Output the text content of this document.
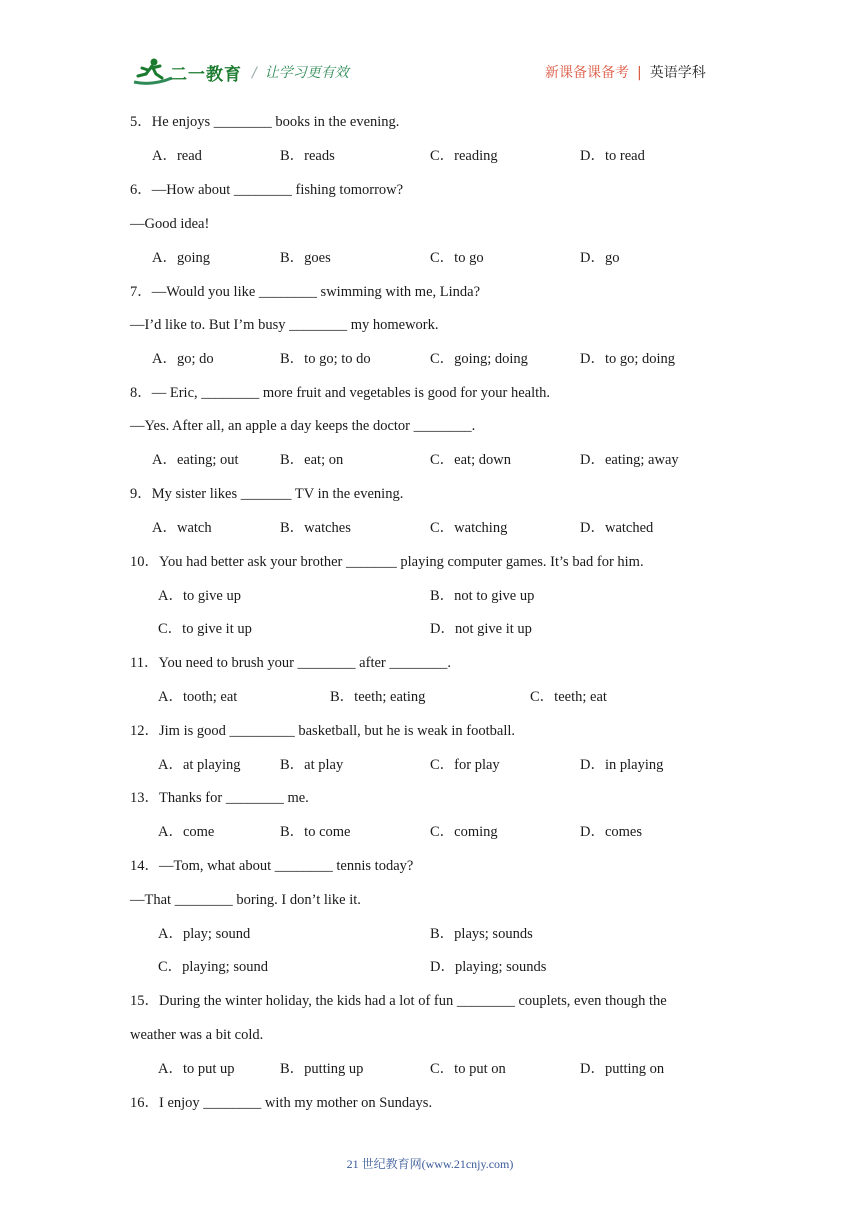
二一教育 / 让学习更有效	新课备课备考 | 英语学科
5．He enjoys ________ books in the evening.
A．read	B．reads	C．reading	D．to read
6．—How about ________ fishing tomorrow?
—Good idea!
A．going	B．goes	C．to go	D．go
7．—Would you like ________ swimming with me, Linda?
—I’d like to. But I’m busy ________ my homework.
A．go; do	B．to go; to do	C．going; doing	D．to go; doing
8．— Eric, ________ more fruit and vegetables is good for your health.
—Yes. After all, an apple a day keeps the doctor ________.
A．eating; out	B．eat; on	C．eat; down	D．eating; away
9．My sister likes _______ TV in the evening.
A．watch	B．watches	C．watching	D．watched
10．You had better ask your brother _______ playing computer games. It’s bad for him.
A．to give up	B．not to give up
C．to give it up	D．not give it up
11．You need to brush your ________ after ________.
A．tooth; eat	B．teeth; eating	C．teeth; eat
12．Jim is good _________ basketball, but he is weak in football.
A．at playing	B．at play	C．for play	D．in playing
13．Thanks for ________ me.
A．come	B．to come	C．coming	D．comes
14．—Tom, what about ________ tennis today?
—That ________ boring. I don’t like it.
A．play; sound	B．plays; sounds
C．playing; sound	D．playing; sounds
15．During the winter holiday, the kids had a lot of fun ________ couplets, even though the
weather was a bit cold.
A．to put up	B．putting up	C．to put on	D．putting on
16．I enjoy ________ with my mother on Sundays.
21 世纪教育网(www.21cnjy.com)
